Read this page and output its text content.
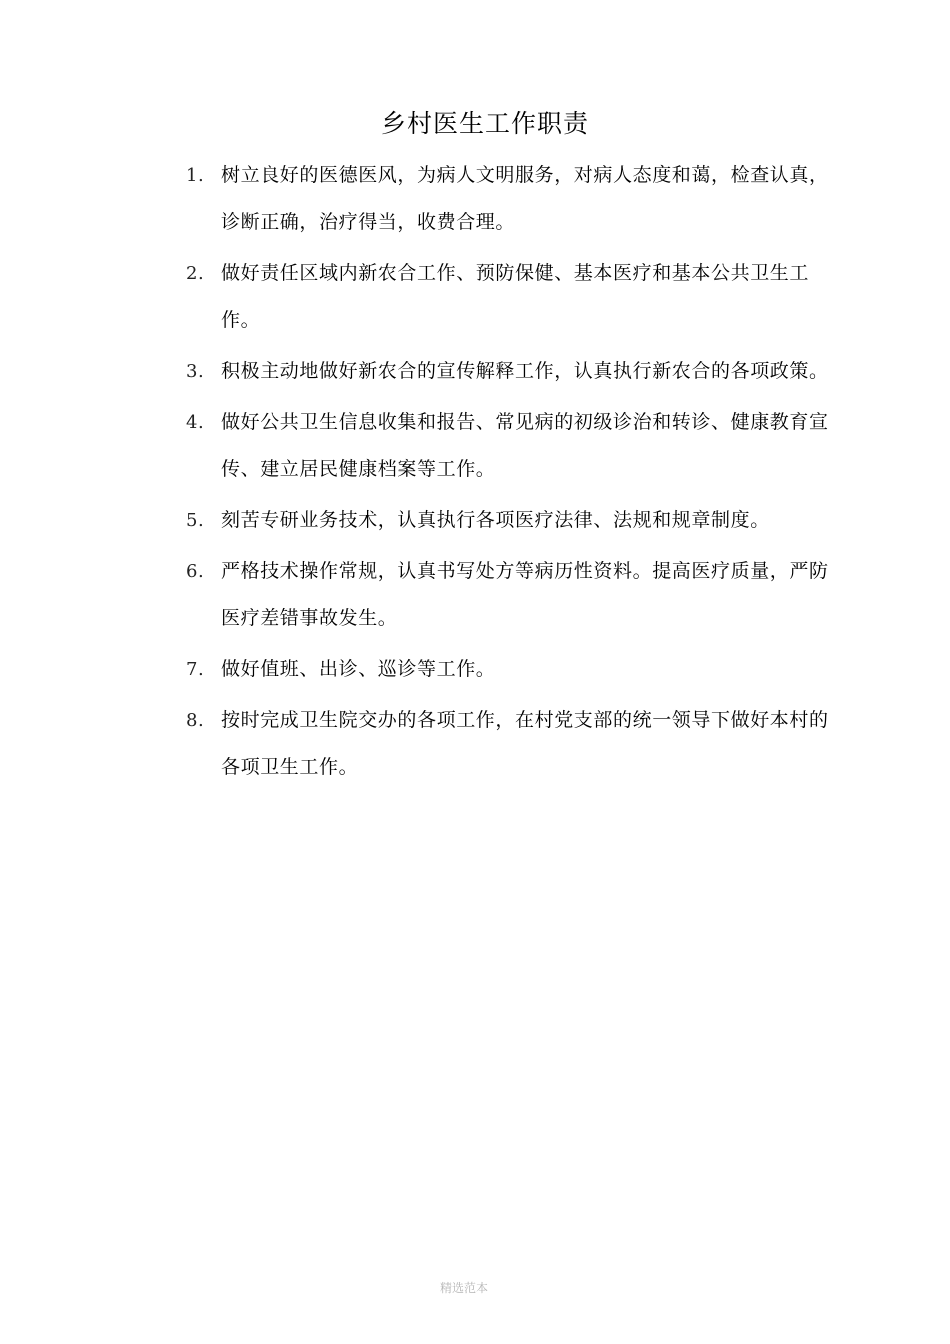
乡村医生工作职责
1. 树立良好的医德医风，为病人文明服务，对病人态度和蔼，检查认真，诊断正确，治疗得当，收费合理。
2. 做好责任区域内新农合工作、预防保健、基本医疗和基本公共卫生工作。
3. 积极主动地做好新农合的宣传解释工作，认真执行新农合的各项政策。
4. 做好公共卫生信息收集和报告、常见病的初级诊治和转诊、健康教育宣传、建立居民健康档案等工作。
5. 刻苦专研业务技术，认真执行各项医疗法律、法规和规章制度。
6. 严格技术操作常规，认真书写处方等病历性资料。提高医疗质量，严防医疗差错事故发生。
7. 做好值班、出诊、巡诊等工作。
8. 按时完成卫生院交办的各项工作，在村党支部的统一领导下做好本村的各项卫生工作。
精选范本
